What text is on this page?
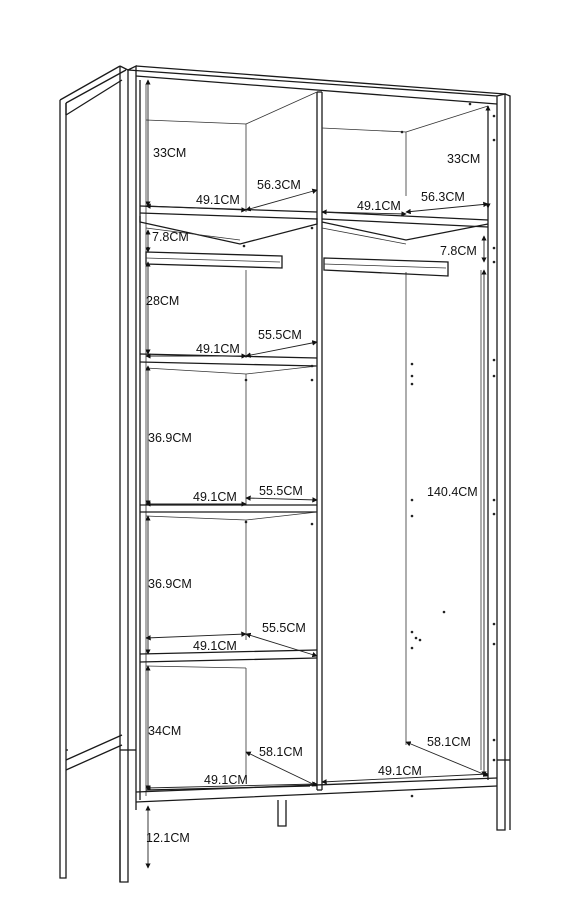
33CM
49.1CM
56.3CM
33CM
49.1CM
56.3CM
7.8CM
7.8CM
28CM
49.1CM
55.5CM
36.9CM
49.1CM 55.5CM	140.4CM
36.9CM
49.1CM
55.5CM
34CM
58.1CM
58.1CM
49.1CM
49.1CM
12.1CM
